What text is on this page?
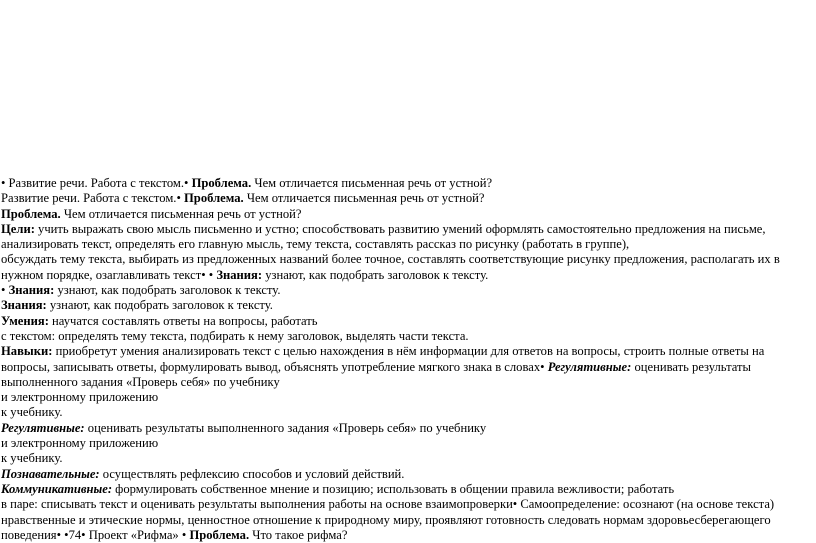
• Развитие речи. Работа с текстом.• Проблема. Чем отличается письменная речь от устной?
Развитие речи. Работа с текстом.• Проблема. Чем отличается письменная речь от устной?
Проблема. Чем отличается письменная речь от устной?
Цели: учить выражать свою мысль письменно и устно; способствовать развитию умений оформлять самостоятельно предложения на письме, анализировать текст, определять его главную мысль, тему текста, составлять рассказ по рисунку (работать в группе),
обсуждать тему текста, выбирать из предложенных названий более точное, составлять соответствующие рисунку предложения, располагать их в нужном порядке, озаглавливать текст• • Знания: узнают, как подобрать заголовок к тексту.
• Знания: узнают, как подобрать заголовок к тексту.
Знания: узнают, как подобрать заголовок к тексту.
Умения: научатся составлять ответы на вопросы, работать
с текстом: определять тему текста, подбирать к нему заголовок, выделять части текста.
Навыки: приобретут умения анализировать текст с целью нахождения в нём информации для ответов на вопросы, строить полные ответы на вопросы, записывать ответы, формулировать вывод, объяснять употребление мягкого знака в словах• Регулятивные: оценивать результаты выполненного задания «Проверь себя» по учебнику
и электронному приложению
к учебнику.
Регулятивные: оценивать результаты выполненного задания «Проверь себя» по учебнику
и электронному приложению
к учебнику.
Познавательные: осуществлять рефлексию способов и условий действий.
Коммуникативные: формулировать собственное мнение и позицию; использовать в общении правила вежливости; работать
в паре: списывать текст и оценивать результаты выполнения работы на основе взаимопроверки• Самоопределение: осознают (на основе текста) нравственные и этические нормы, ценностное отношение к природному миру, проявляют готовность следовать нормам здоровьесберегающего поведения• •74• Проект «Рифма» • Проблема. Что такое рифма?
